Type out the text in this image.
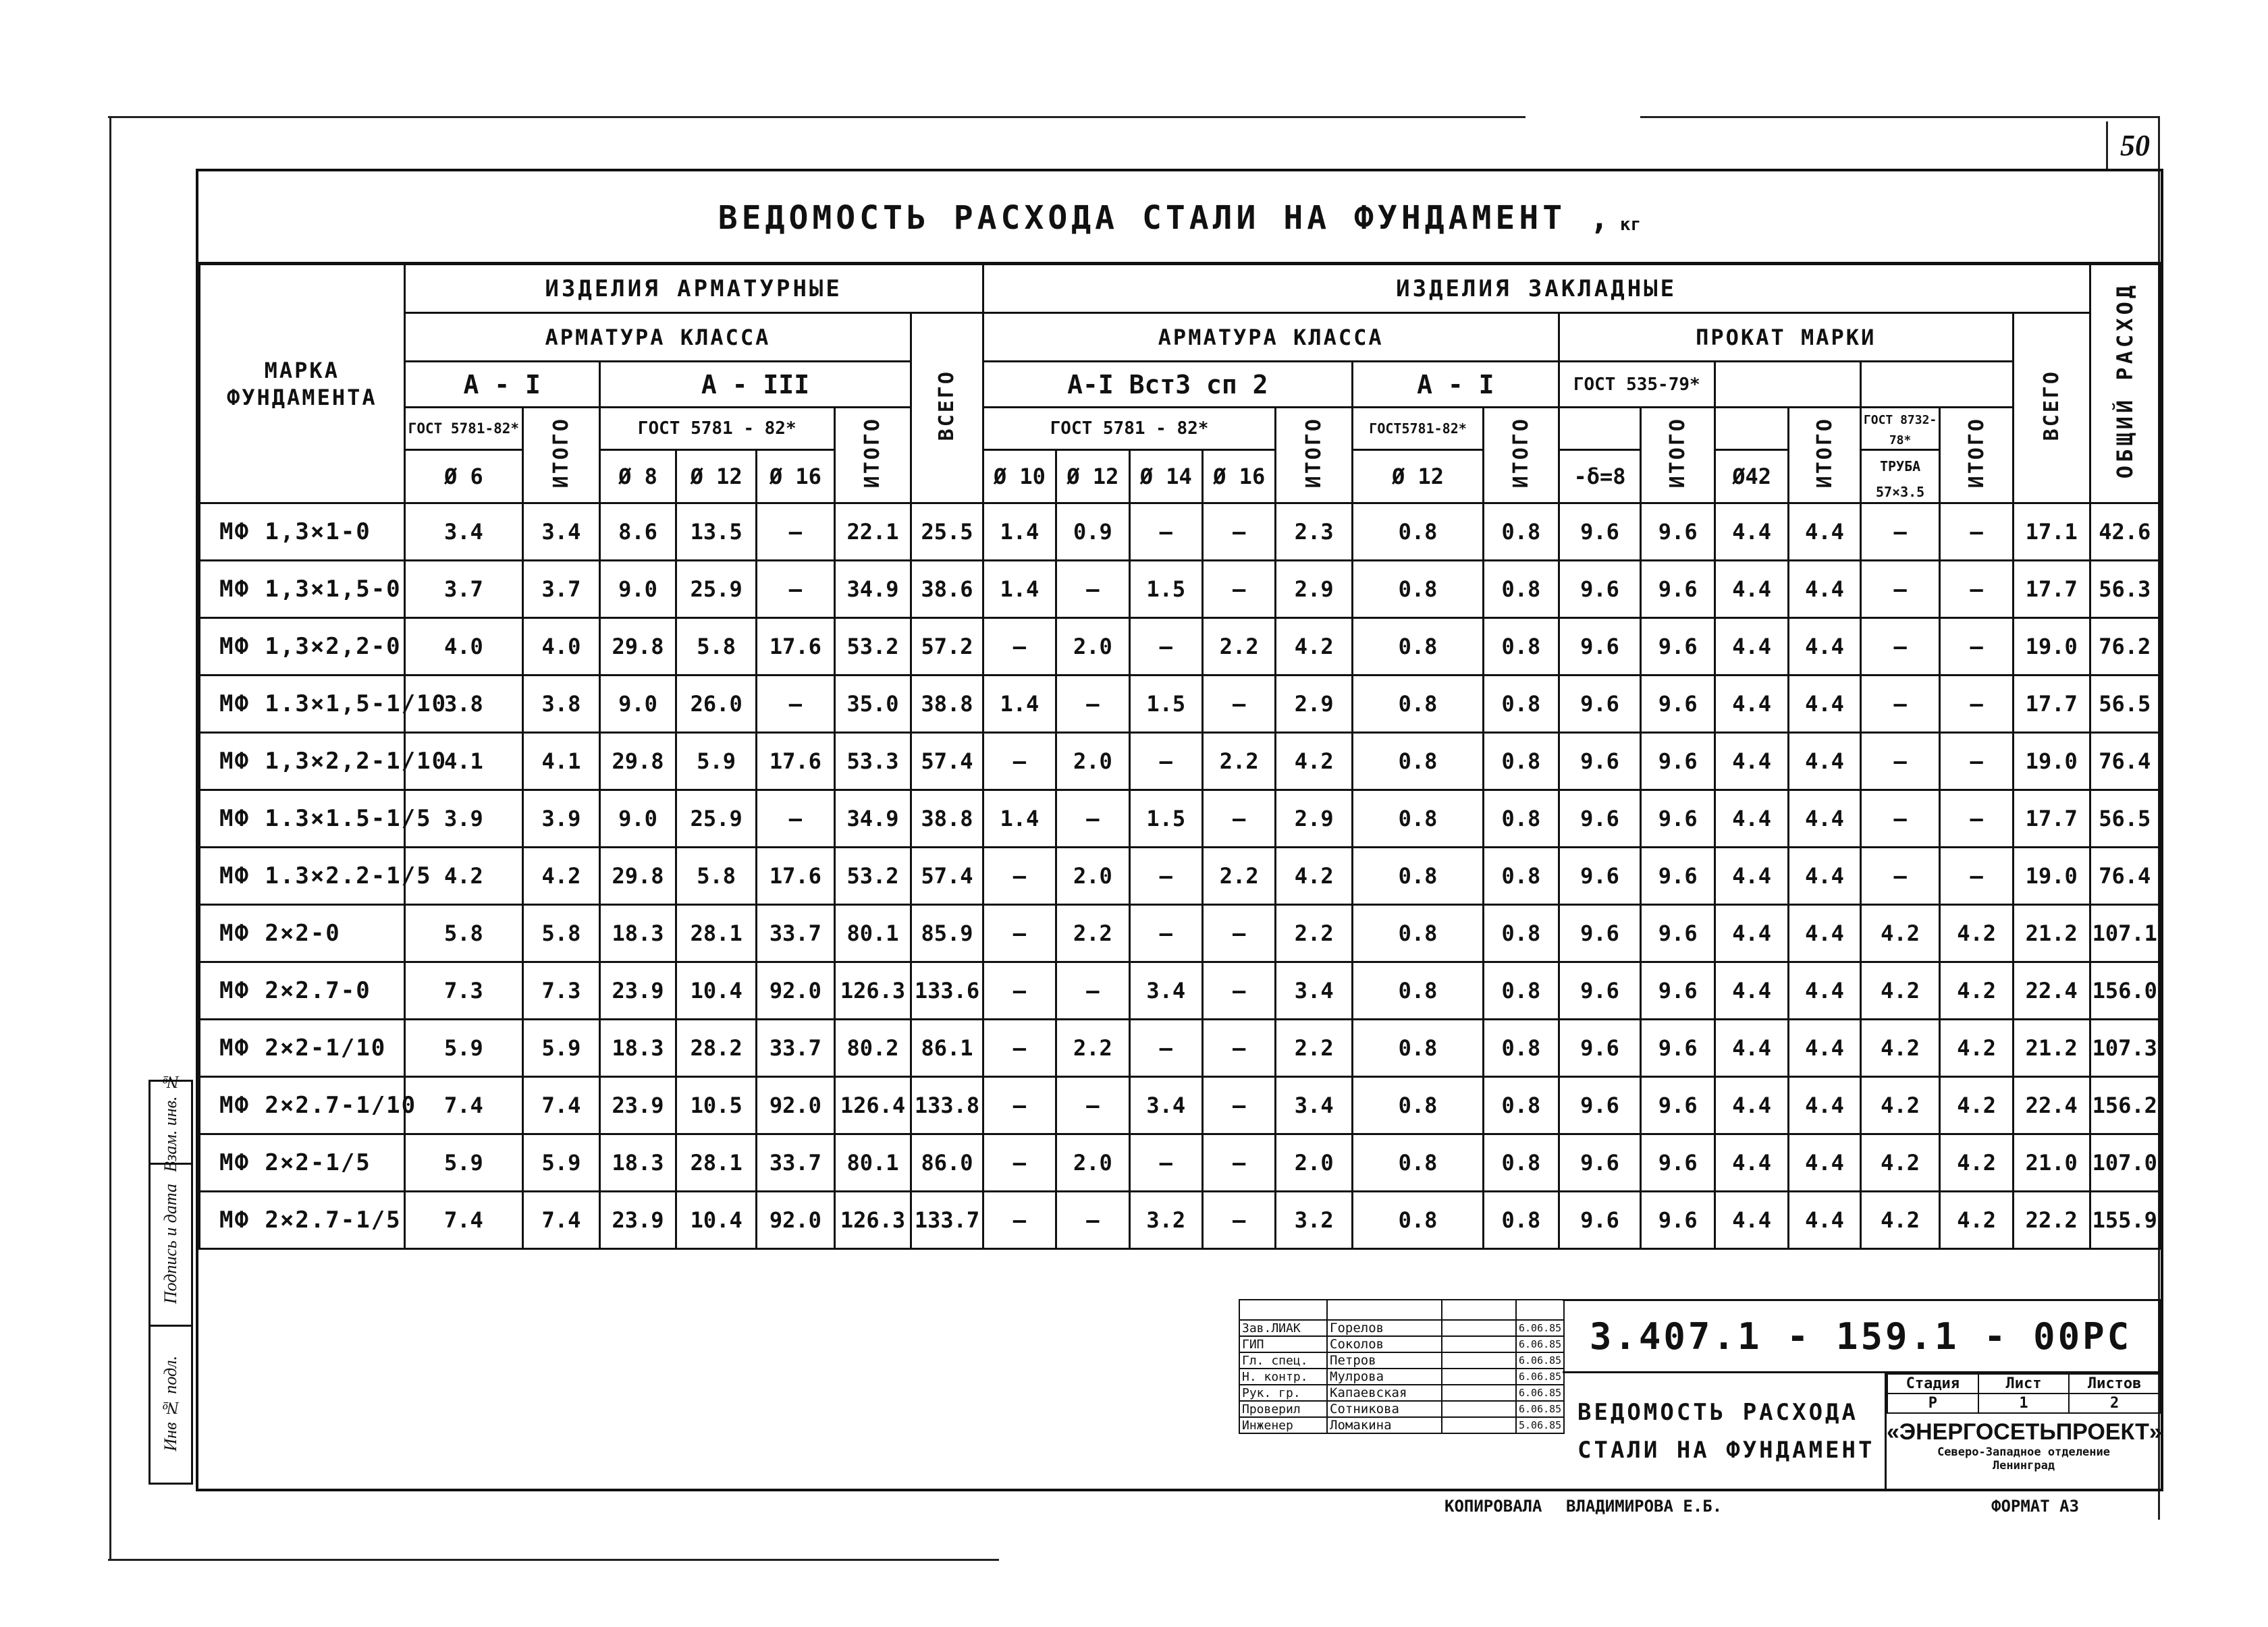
50
ВЕДОМОСТЬ РАСХОДА СТАЛИ НА ФУНДАМЕНТ , кг
МАРКА ФУНДАМЕНТА	ИЗДЕЛИЯ АРМАТУРНЫЕ							ИЗДЕЛИЯ ЗАКЛАДНЫЕ														ОБЩИЙ РАСХОД
	АРМАТУРА КЛАССА						ВСЕГО	АРМАТУРА КЛАССА							ПРОКАТ МАРКИ						ВСЕГО	
	А - I		А - III					А-I Вст3 сп 2					А - I		ГОСТ 535-79*							
	ГОСТ 5781-82*	ИТОГО	ГОСТ 5781 - 82*			ИТОГО		ГОСТ 5781 - 82*				ИТОГО	ГОСТ5781-82*	ИТОГО		ИТОГО		ИТОГО	ГОСТ 8732-78*	ИТОГО		
	Ø 6		Ø 8	Ø 12	Ø 16			Ø 10	Ø 12	Ø 14	Ø 16		Ø 12		-δ=8		Ø42		ТРУБА 57×3.5			
МФ 1,3×1-0	3.4	3.4	8.6	13.5	—	22.1	25.5	1.4	0.9	—	—	2.3	0.8	0.8	9.6	9.6	4.4	4.4	—	—	17.1	42.6
МФ 1,3×1,5-0	3.7	3.7	9.0	25.9	—	34.9	38.6	1.4	—	1.5	—	2.9	0.8	0.8	9.6	9.6	4.4	4.4	—	—	17.7	56.3
МФ 1,3×2,2-0	4.0	4.0	29.8	5.8	17.6	53.2	57.2	—	2.0	—	2.2	4.2	0.8	0.8	9.6	9.6	4.4	4.4	—	—	19.0	76.2
МФ 1.3×1,5-1/10	3.8	3.8	9.0	26.0	—	35.0	38.8	1.4	—	1.5	—	2.9	0.8	0.8	9.6	9.6	4.4	4.4	—	—	17.7	56.5
МФ 1,3×2,2-1/10	4.1	4.1	29.8	5.9	17.6	53.3	57.4	—	2.0	—	2.2	4.2	0.8	0.8	9.6	9.6	4.4	4.4	—	—	19.0	76.4
МФ 1.3×1.5-1/5	3.9	3.9	9.0	25.9	—	34.9	38.8	1.4	—	1.5	—	2.9	0.8	0.8	9.6	9.6	4.4	4.4	—	—	17.7	56.5
МФ 1.3×2.2-1/5	4.2	4.2	29.8	5.8	17.6	53.2	57.4	—	2.0	—	2.2	4.2	0.8	0.8	9.6	9.6	4.4	4.4	—	—	19.0	76.4
МФ 2×2-0	5.8	5.8	18.3	28.1	33.7	80.1	85.9	—	2.2	—	—	2.2	0.8	0.8	9.6	9.6	4.4	4.4	4.2	4.2	21.2	107.1
МФ 2×2.7-0	7.3	7.3	23.9	10.4	92.0	126.3	133.6	—	—	3.4	—	3.4	0.8	0.8	9.6	9.6	4.4	4.4	4.2	4.2	22.4	156.0
МФ 2×2-1/10	5.9	5.9	18.3	28.2	33.7	80.2	86.1	—	2.2	—	—	2.2	0.8	0.8	9.6	9.6	4.4	4.4	4.2	4.2	21.2	107.3
МФ 2×2.7-1/10	7.4	7.4	23.9	10.5	92.0	126.4	133.8	—	—	3.4	—	3.4	0.8	0.8	9.6	9.6	4.4	4.4	4.2	4.2	22.4	156.2
МФ 2×2-1/5	5.9	5.9	18.3	28.1	33.7	80.1	86.0	—	2.0	—	—	2.0	0.8	0.8	9.6	9.6	4.4	4.4	4.2	4.2	21.0	107.0
МФ 2×2.7-1/5	7.4	7.4	23.9	10.4	92.0	126.3	133.7	—	—	3.2	—	3.2	0.8	0.8	9.6	9.6	4.4	4.4	4.2	4.2	22.2	155.9

Взам. инв. №
Подпись и дата
Инв № подл.

Зав.ЛИАК	Горелов		6.06.85
ГИП	Соколов		6.06.85
Гл. спец.	Петров		6.06.85
Н. контр.	Мулрова		6.06.85
Рук. гр.	Капаевская		6.06.85
Проверил	Сотникова		6.06.85
Инженер	Ломакина		5.06.85
3.407.1 - 159.1 - 00РС
ВЕДОМОСТЬ РАСХОДА
СТАЛИ НА ФУНДАМЕНТ
Стадия	Лист	Листов
Р	1	2
«ЭНЕРГОСЕТЬПРОЕКТ»
Северо-Западное отделение
Ленинград
КОПИРОВАЛА ВЛАДИМИРОВА Е.Б.	ФОРМАТ А3
